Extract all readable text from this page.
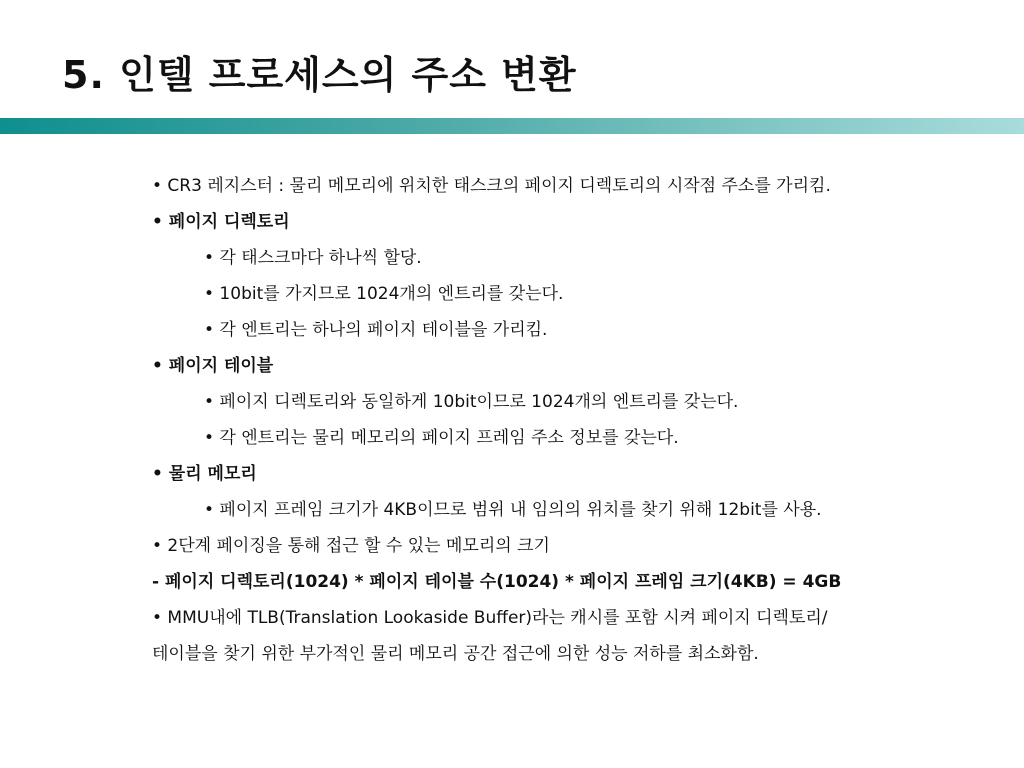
5. 인텔 프로세스의 주소 변환
• CR3 레지스터 : 물리 메모리에 위치한 태스크의 페이지 디렉토리의 시작점 주소를 가리킴.
• 페이지 디렉토리
• 각 태스크마다 하나씩 할당.
• 10bit를 가지므로 1024개의 엔트리를 갖는다.
• 각 엔트리는 하나의 페이지 테이블을 가리킴.
• 페이지 테이블
• 페이지 디렉토리와 동일하게 10bit이므로 1024개의 엔트리를 갖는다.
• 각 엔트리는 물리 메모리의 페이지 프레임 주소 정보를 갖는다.
• 물리 메모리
• 페이지 프레임 크기가 4KB이므로 범위 내 임의의 위치를 찾기 위해 12bit를 사용.
• 2단계 페이징을 통해 접근 할 수 있는 메모리의 크기
- 페이지 디렉토리(1024) * 페이지 테이블 수(1024) * 페이지 프레임 크기(4KB) = 4GB
• MMU내에 TLB(Translation Lookaside Buffer)라는 캐시를 포함 시켜 페이지 디렉토리/
테이블을 찾기 위한 부가적인 물리 메모리 공간 접근에 의한 성능 저하를 최소화함.
